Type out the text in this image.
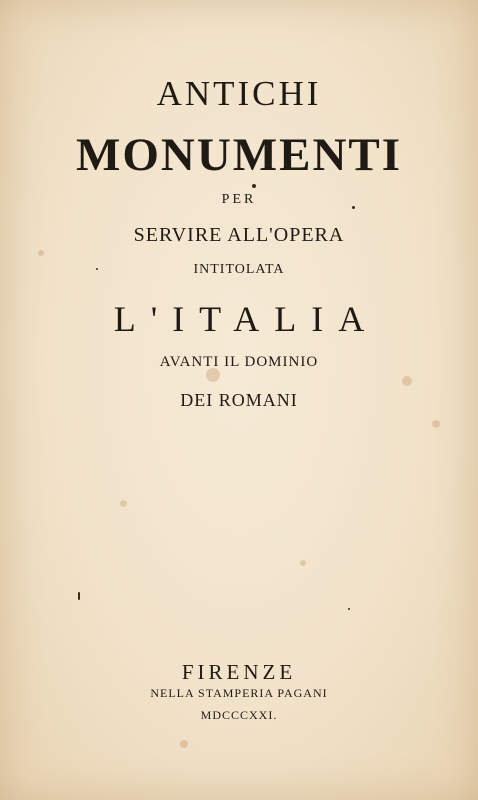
ANTICHI
MONUMENTI
PER
SERVIRE ALL'OPERA
INTITOLATA
L'ITALIA
AVANTI IL DOMINIO
DEI ROMANI
FIRENZE
NELLA STAMPERIA PAGANI
MDCCCXXI.
